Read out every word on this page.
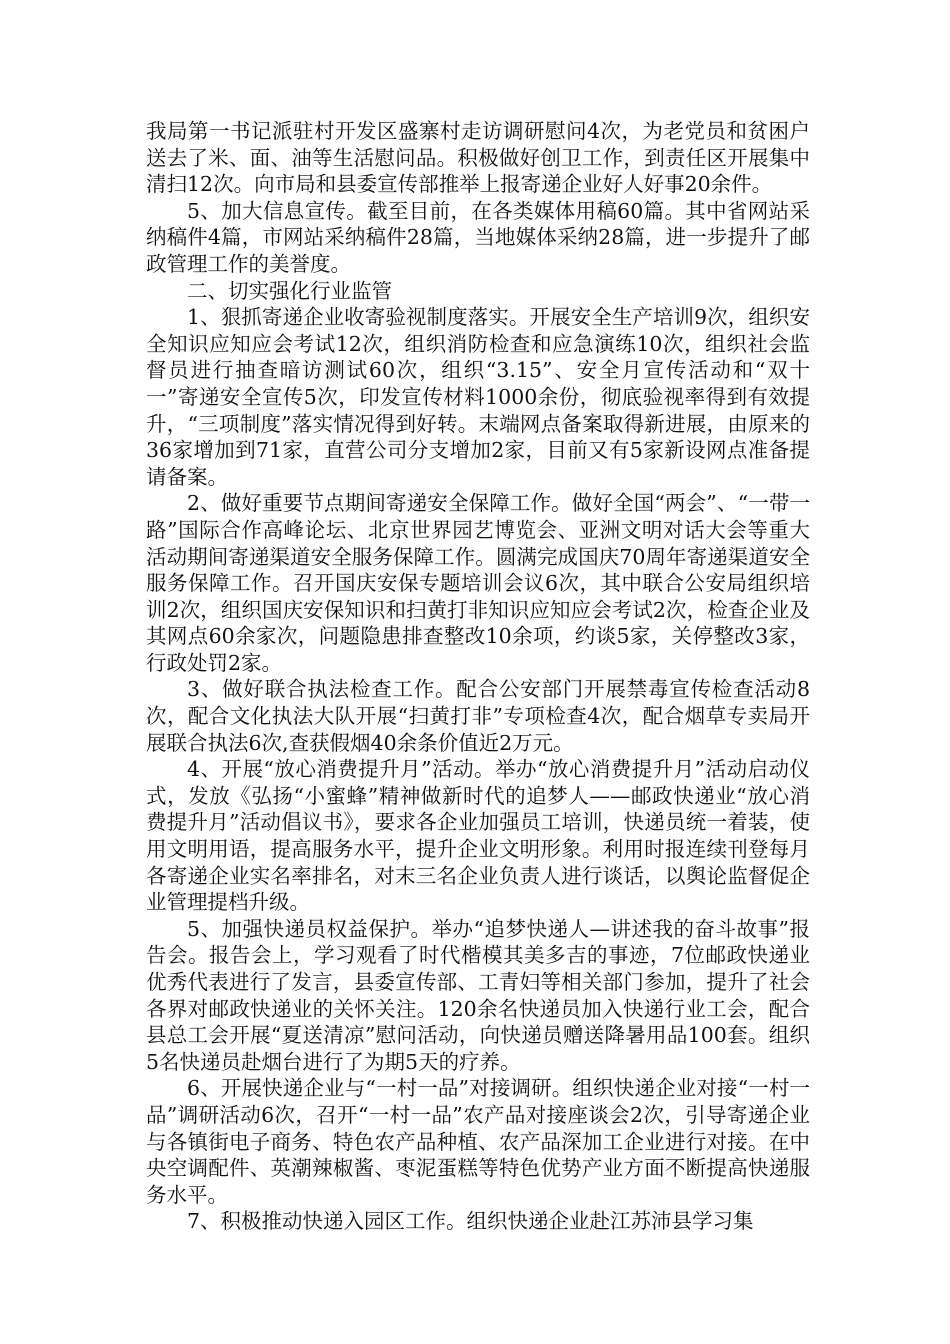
我局第一书记派驻村开发区盛寨村走访调研慰问4次，为老党员和贫困户送去了米、面、油等生活慰问品。积极做好创卫工作，到责任区开展集中清扫12次。向市局和县委宣传部推举上报寄递企业好人好事20余件。

5、加大信息宣传。截至目前，在各类媒体用稿60篇。其中省网站采纳稿件4篇，市网站采纳稿件28篇，当地媒体采纳28篇，进一步提升了邮政管理工作的美誉度。

二、切实强化行业监管

1、狠抓寄递企业收寄验视制度落实。开展安全生产培训9次，组织安全知识应知应会考试12次，组织消防检查和应急演练10次，组织社会监督员进行抽查暗访测试60次，组织“3.15”、安全月宣传活动和“双十一”寄递安全宣传5次，印发宣传材料1000余份，彻底验视率得到有效提升，“三项制度”落实情况得到好转。末端网点备案取得新进展，由原来的36家增加到71家，直营公司分支增加2家，目前又有5家新设网点准备提请备案。

2、做好重要节点期间寄递安全保障工作。做好全国“两会”、“一带一路”国际合作高峰论坛、北京世界园艺博览会、亚洲文明对话大会等重大活动期间寄递渠道安全服务保障工作。圆满完成国庆70周年寄递渠道安全服务保障工作。召开国庆安保专题培训会议6次，其中联合公安局组织培训2次，组织国庆安保知识和扫黄打非知识应知应会考试2次，检查企业及其网点60余家次，问题隐患排查整改10余项，约谈5家，关停整改3家，行政处罚2家。

3、做好联合执法检查工作。配合公安部门开展禁毒宣传检查活动8次，配合文化执法大队开展“扫黄打非”专项检查4次，配合烟草专卖局开展联合执法6次,查获假烟40余条价值近2万元。

4、开展“放心消费提升月”活动。举办“放心消费提升月”活动启动仪式，发放《弘扬“小蜜蜂”精神做新时代的追梦人——邮政快递业“放心消费提升月”活动倡议书》，要求各企业加强员工培训，快递员统一着装，使用文明用语，提高服务水平，提升企业文明形象。利用时报连续刊登每月各寄递企业实名率排名，对末三名企业负责人进行谈话，以舆论监督促企业管理提档升级。

5、加强快递员权益保护。举办“追梦快递人—讲述我的奋斗故事”报告会。报告会上，学习观看了时代楷模其美多吉的事迹，7位邮政快递业优秀代表进行了发言，县委宣传部、工青妇等相关部门参加，提升了社会各界对邮政快递业的关怀关注。120余名快递员加入快递行业工会，配合县总工会开展“夏送清凉”慰问活动，向快递员赠送降暑用品100套。组织5名快递员赴烟台进行了为期5天的疗养。

6、开展快递企业与“一村一品”对接调研。组织快递企业对接“一村一品”调研活动6次，召开“一村一品”农产品对接座谈会2次，引导寄递企业与各镇街电子商务、特色农产品种植、农产品深加工企业进行对接。在中央空调配件、英潮辣椒酱、枣泥蛋糕等特色优势产业方面不断提高快递服务水平。

7、积极推动快递入园区工作。组织快递企业赴江苏沛县学习集
